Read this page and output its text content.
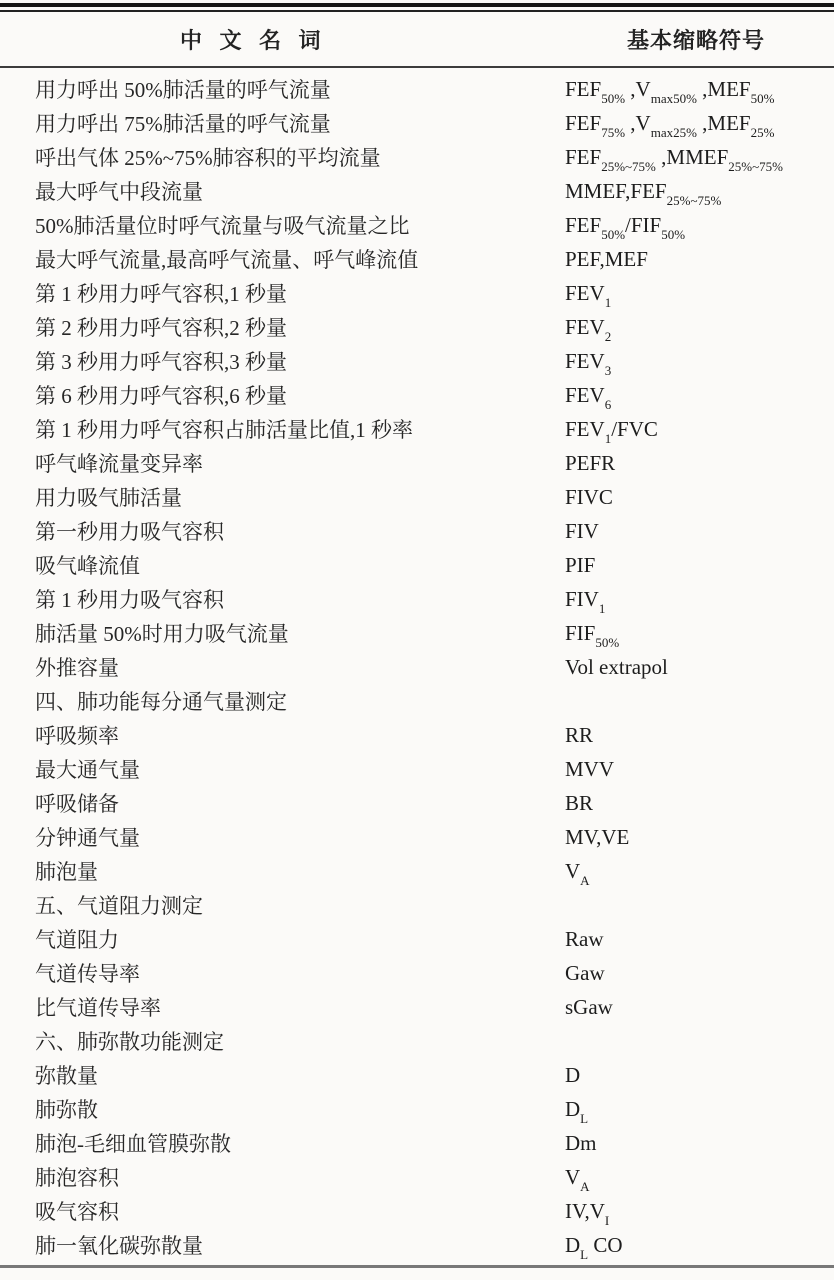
中 文 名 词	基本缩略符号
用力呼出 50%肺活量的呼气流量	$FEF_{50\%}$ $,V_{max50\%}$ $,MEF_{50\%}$
用力呼出 75%肺活量的呼气流量	$FEF_{75\%}$ $,V_{max25\%}$ $,MEF_{25\%}$
呼出气体 25%~75%肺容积的平均流量	$FEF_{25\%\sim 75\%}$ $,MMEF_{25\%\sim 75\%}$
最大呼气中段流量	$MMEF,FEF_{25\%\sim 75\%}$
50%肺活量位时呼气流量与吸气流量之比	$FEF_{50\%}/FIF_{50\%}$
最大呼气流量,最高呼气流量、呼气峰流值	PEF,MEF
第 1 秒用力呼气容积,1 秒量	$FEV_1$
第 2 秒用力呼气容积,2 秒量	$FEV_2$
第 3 秒用力呼气容积,3 秒量	$FEV_3$
第 6 秒用力呼气容积,6 秒量	$FEV_6$
第 1 秒用力呼气容积占肺活量比值,1 秒率	$FEV_1$/FVC
呼气峰流量变异率	PEFR
用力吸气肺活量	FIVC
第一秒用力吸气容积	FIV
吸气峰流值	PIF
第 1 秒用力吸气容积	$FIV_1$
肺活量 50%时用力吸气流量	$FIF_{50\%}$
外推容量	Vol extrapol
四、肺功能每分通气量测定
呼吸频率	RR
最大通气量	MVV
呼吸储备	BR
分钟通气量	MV,VE
肺泡量	$V_A$
五、气道阻力测定
气道阻力	Raw
气道传导率	Gaw
比气道传导率	sGaw
六、肺弥散功能测定
弥散量	D
肺弥散	$D_L$
肺泡-毛细血管膜弥散	Dm
肺泡容积	$V_A$
吸气容积	$IV,V_I$
肺一氧化碳弥散量	$D_L$ CO
